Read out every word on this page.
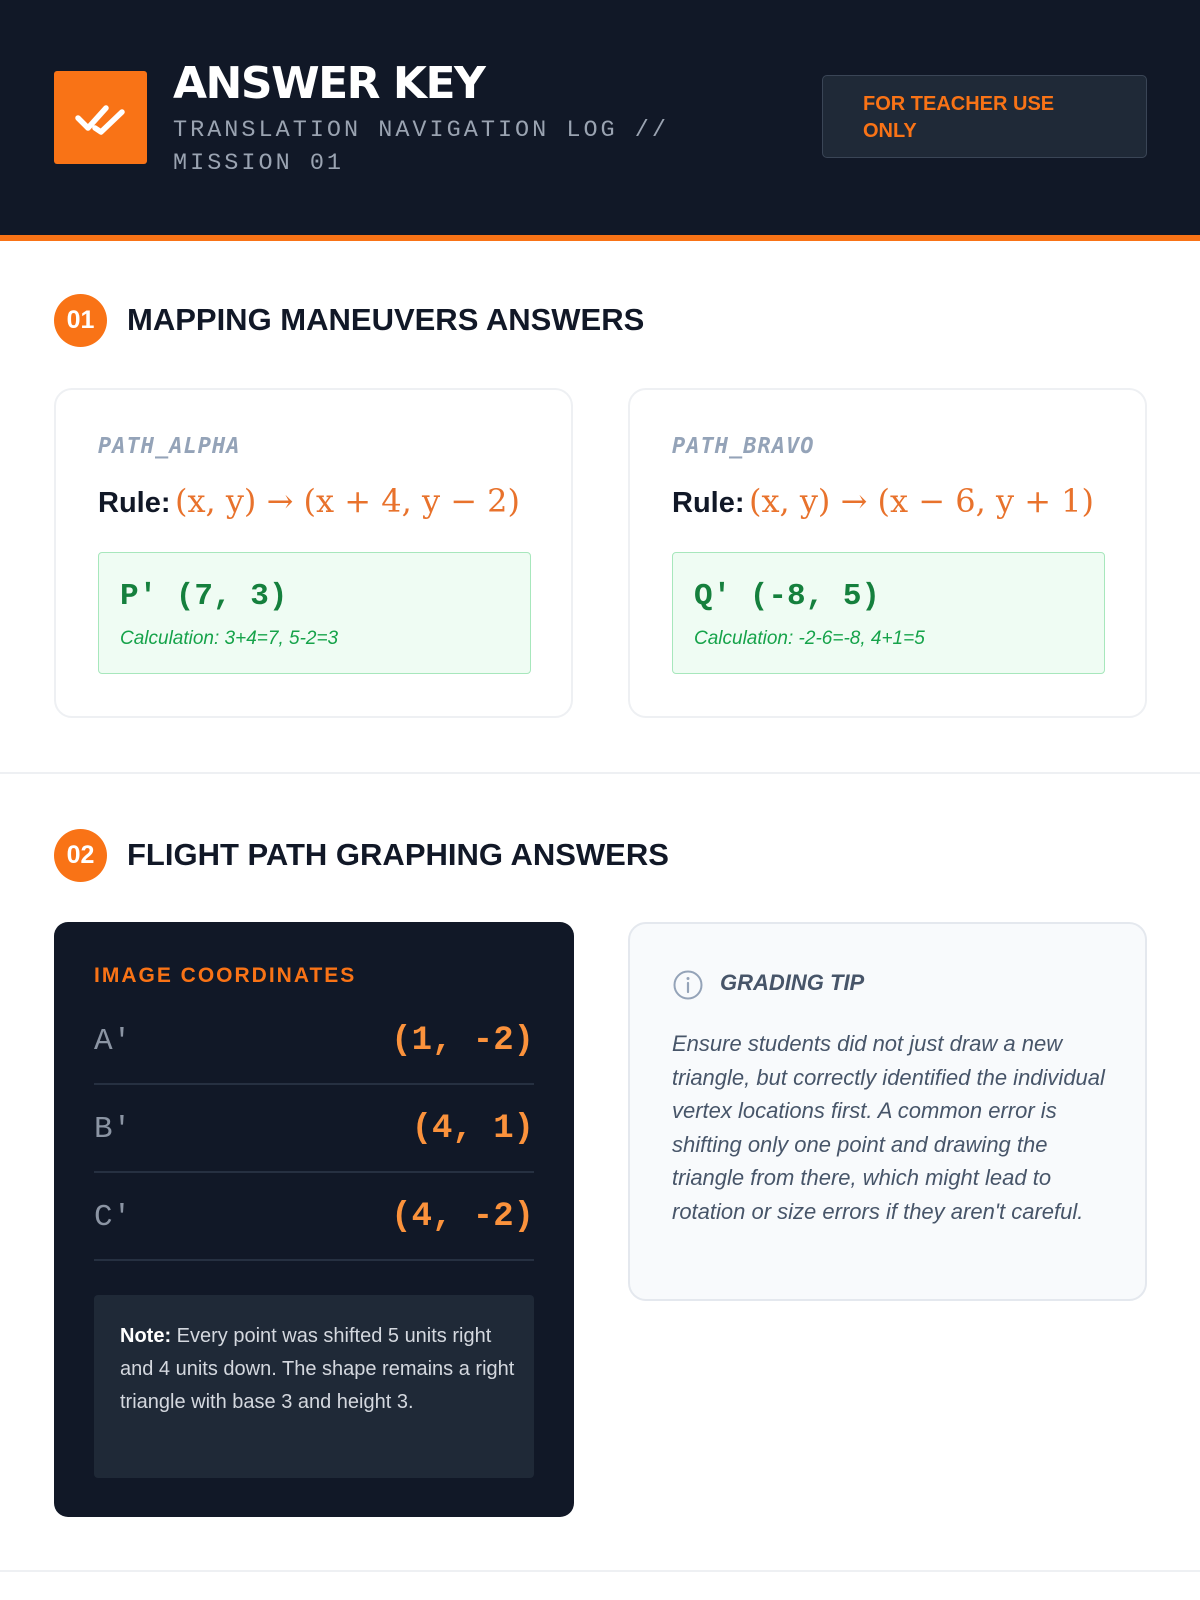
ANSWER KEY
TRANSLATION NAVIGATION LOG // MISSION 01
FOR TEACHER USE ONLY
01	MAPPING MANEUVERS ANSWERS
PATH_ALPHA
Rule: (x, y) → (x + 4, y − 2)
P' (7, 3)
Calculation: 3+4=7, 5-2=3
PATH_BRAVO
Rule: (x, y) → (x − 6, y + 1)
Q' (-8, 5)
Calculation: -2-6=-8, 4+1=5
02	FLIGHT PATH GRAPHING ANSWERS
IMAGE COORDINATES
A'	(1, -2)
B'	(4, 1)
C'	(4, -2)
Note: Every point was shifted 5 units right and 4 units down. The shape remains a right triangle with base 3 and height 3.
GRADING TIP
Ensure students did not just draw a new triangle, but correctly identified the individual vertex locations first. A common error is shifting only one point and drawing the triangle from there, which might lead to rotation or size errors if they aren't careful.
